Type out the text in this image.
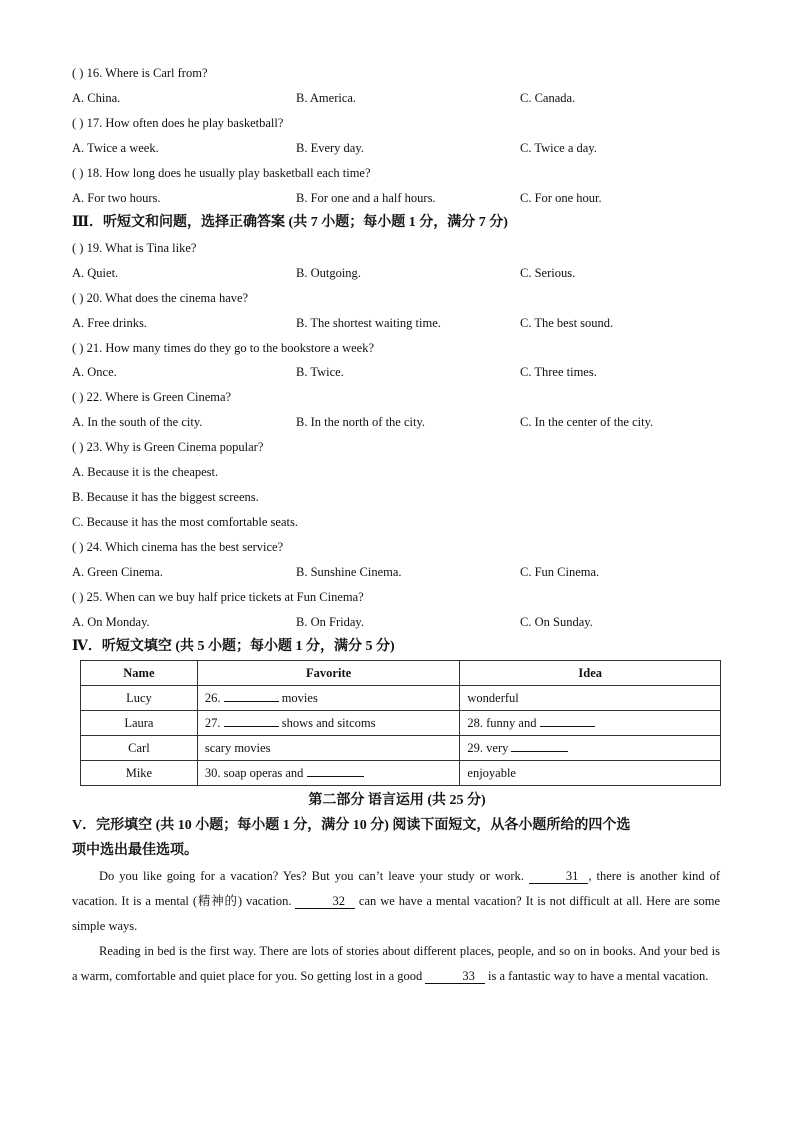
( ) 16. Where is Carl from?
A. China.	B. America.	C. Canada.
( ) 17. How often does he play basketball?
A. Twice a week.	B. Every day.	C. Twice a day.
( ) 18. How long does he usually play basketball each time?
A. For two hours.	B. For one and a half hours.	C. For one hour.
Ⅲ．听短文和问题，选择正确答案 (共 7 小题；每小题 1 分，满分 7 分)
( ) 19. What is Tina like?
A. Quiet.	B. Outgoing.	C. Serious.
( ) 20. What does the cinema have?
A. Free drinks.	B. The shortest waiting time.	C. The best sound.
( ) 21. How many times do they go to the bookstore a week?
A. Once.	B. Twice.	C. Three times.
( ) 22. Where is Green Cinema?
A. In the south of the city.	B. In the north of the city.	C. In the center of the city.
( ) 23. Why is Green Cinema popular?
A. Because it is the cheapest.
B. Because it has the biggest screens.
C. Because it has the most comfortable seats.
( ) 24. Which cinema has the best service?
A. Green Cinema.	B. Sunshine Cinema.	C. Fun Cinema.
( ) 25. When can we buy half price tickets at Fun Cinema?
A. On Monday.	B. On Friday.	C. On Sunday.
Ⅳ．听短文填空 (共 5 小题；每小题 1 分，满分 5 分)
Name	Favorite	Idea
Lucy	26. movies	wonderful
Laura	27. shows and sitcoms	28. funny and
Carl	scary movies	29. very
Mike	30. soap operas and	enjoyable
第二部分 语言运用 (共 25 分)
V．完形填空 (共 10 小题；每小题 1 分，满分 10 分) 阅读下面短文，从各小题所给的四个选
项中选出最佳选项。

Do you like going for a vacation? Yes? But you can’t leave your study or work.	31 , there is another kind of vacation. It is a mental (精神的) vacation.	32 can we have a mental vacation? It is not difficult at all. Here are some simple ways.

Reading in bed is the first way. There are lots of stories about different places, people, and so on in books. And your bed is a warm, comfortable and quiet place for you. So getting lost in a good	33 is a fantastic way to have a mental vacation.
